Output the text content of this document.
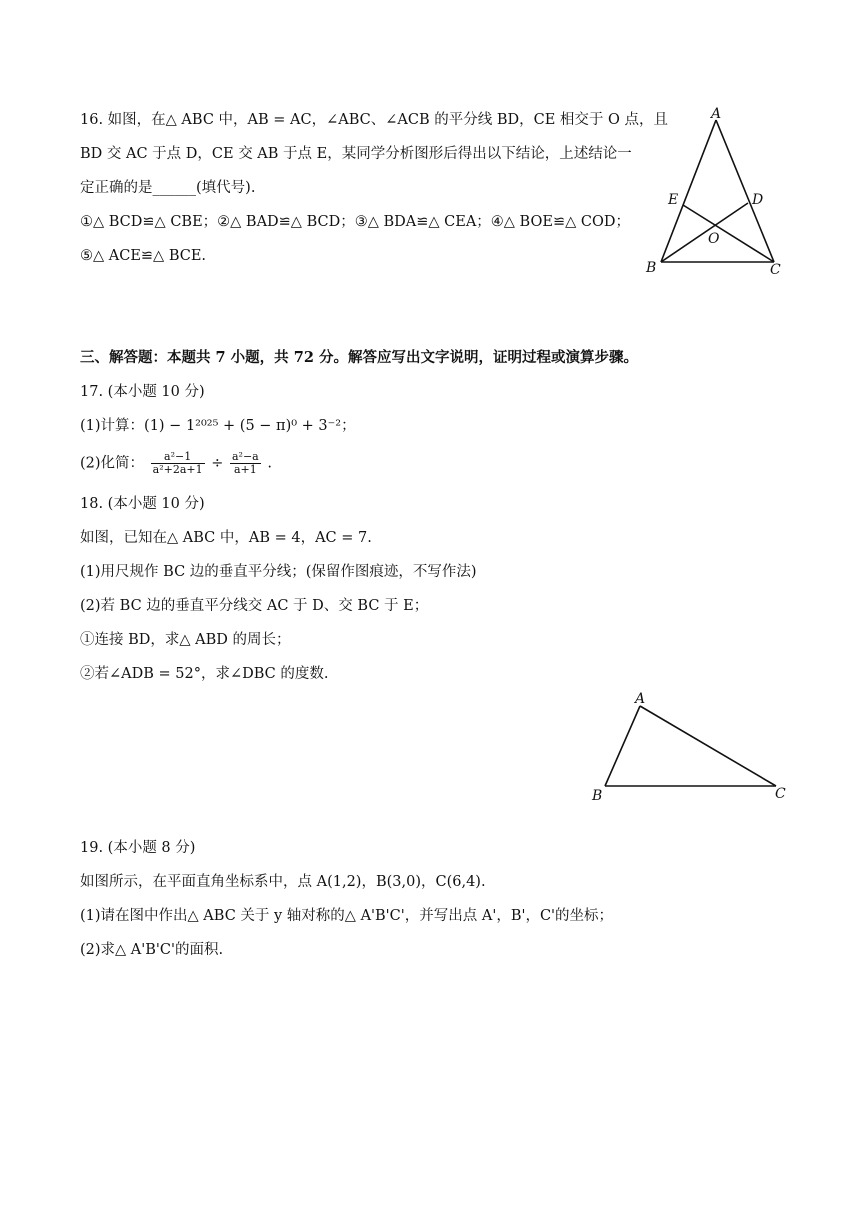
16. 如图，在△ ABC 中，AB = AC，∠ABC、∠ACB 的平分线 BD，CE 相交于 O 点，且
BD 交 AC 于点 D，CE 交 AB 于点 E，某同学分析图形后得出以下结论，上述结论一
定正确的是______(填代号).
①△ BCD≌△ CBE；②△ BAD≌△ BCD；③△ BDA≌△ CEA；④△ BOE≌△ COD；
⑤△ ACE≌△ BCE.
A
E	D
O
B	C
三、解答题：本题共 7 小题，共 72 分。解答应写出文字说明，证明过程或演算步骤。
17. (本小题 10 分)
(1)计算：(1) − 1²⁰²⁵ + (5 − π)⁰ + 3⁻²；
(2)化简： $\frac{\text{a²−1}}{\text{a²+2a+1}} \div \frac{\text{a²−a}}{a+1}$ .
18. (本小题 10 分)
如图，已知在△ ABC 中，AB = 4，AC = 7.
(1)用尺规作 BC 边的垂直平分线；(保留作图痕迹，不写作法)
(2)若 BC 边的垂直平分线交 AC 于 D、交 BC 于 E；
①连接 BD，求△ ABD 的周长；
②若∠ADB = 52°，求∠DBC 的度数.
A
B	C
19. (本小题 8 分)
如图所示，在平面直角坐标系中，点 A(1,2)，B(3,0)，C(6,4).
(1)请在图中作出△ ABC 关于 y 轴对称的△ A'B'C'，并写出点 A'，B'，C'的坐标；
(2)求△ A'B'C'的面积.
